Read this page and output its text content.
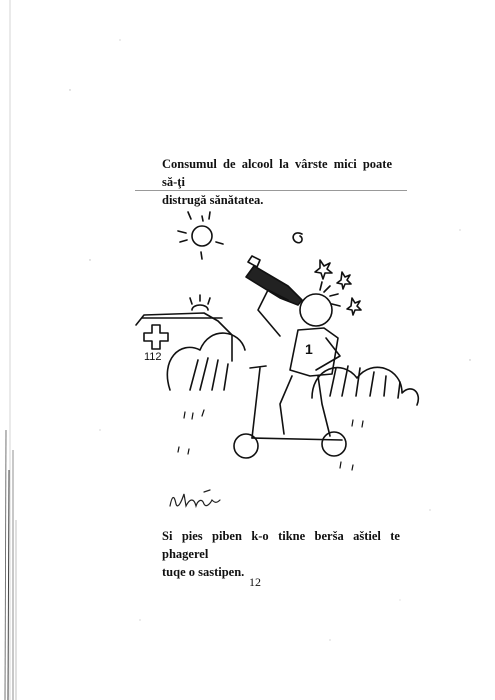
Consumul de alcool la vârste mici poate să-ţi
distrugă sănătatea.
112	1
Si pies piben k-o tikne berša aštiel te phagerel
tuqe o sastipen.
12
